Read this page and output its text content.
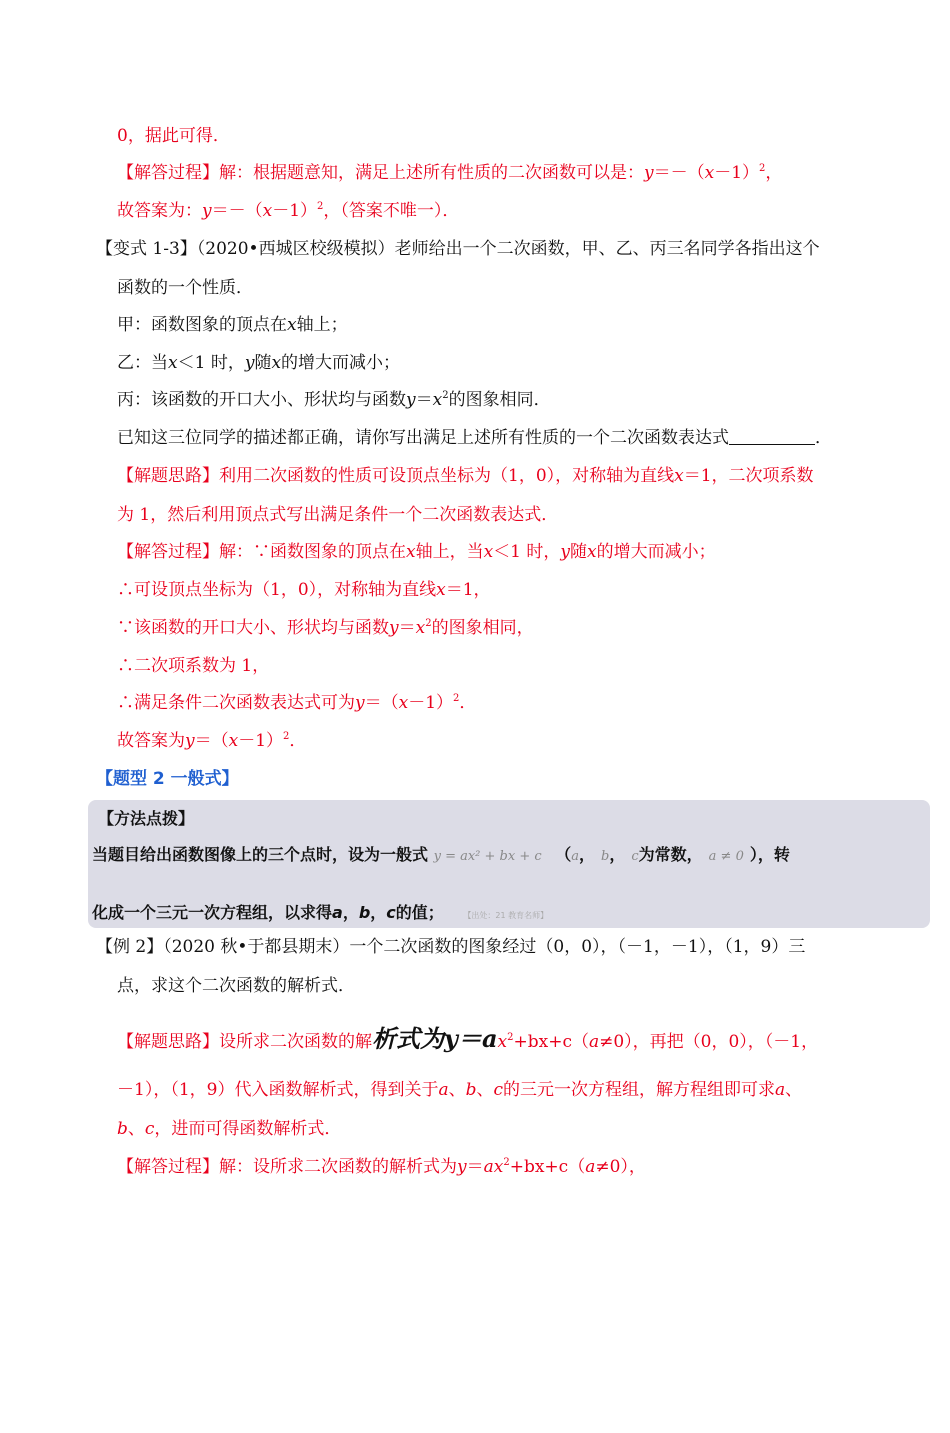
0，据此可得．
【解答过程】解：根据题意知，满足上述所有性质的二次函数可以是：$y=-(x-1)^2$，
故答案为：$y=-(x-1)^2$，（答案不唯一）．
【变式 1-3】（2020•西城区校级模拟）老师给出一个二次函数，甲、乙、丙三名同学各指出这个
函数的一个性质．
甲：函数图象的顶点在x轴上；
乙：当x＜1 时，y随x的增大而减小；
丙：该函数的开口大小、形状均与函数$y=x^2$的图象相同．
已知这三位同学的描述都正确，请你写出满足上述所有性质的一个二次函数表达式	．
【解题思路】利用二次函数的性质可设顶点坐标为（1，0），对称轴为直线x＝1，二次项系数
为 1，然后利用顶点式写出满足条件一个二次函数表达式．
【解答过程】解：∵函数图象的顶点在x轴上，当x＜1 时，y随x的增大而减小；
∴可设顶点坐标为（1，0），对称轴为直线x＝1，
∵该函数的开口大小、形状均与函数$y=x^2$的图象相同，
∴二次项系数为 1，
∴满足条件二次函数表达式可为$y=(x-1)^2$．
故答案为$y=(x-1)^2$．
【题型 2 一般式】
【方法点拨】
当题目给出函数图像上的三个点时，设为一般式 y = ax² + bx + c （a， b， c为常数， a ≠ 0 ），转
化成一个三元一次方程组，以求得a，b，c的值； 【出处：21 教育名师】
【例 2】（2020 秋•于都县期末）一个二次函数的图象经过（0，0），（－1，－1），（1，9）三
点，求这个二次函数的解析式．
【解题思路】设所求二次函数的解析式为$y=ax^2+bx+c(a\ne 0)$，再把（0，0），（－1，
－1），（1，9）代入函数解析式，得到关于a、b、c的三元一次方程组，解方程组即可求a、
b、c，进而可得函数解析式．
【解答过程】解：设所求二次函数的解析式为$y=ax^2+bx+c(a\ne 0)$，
